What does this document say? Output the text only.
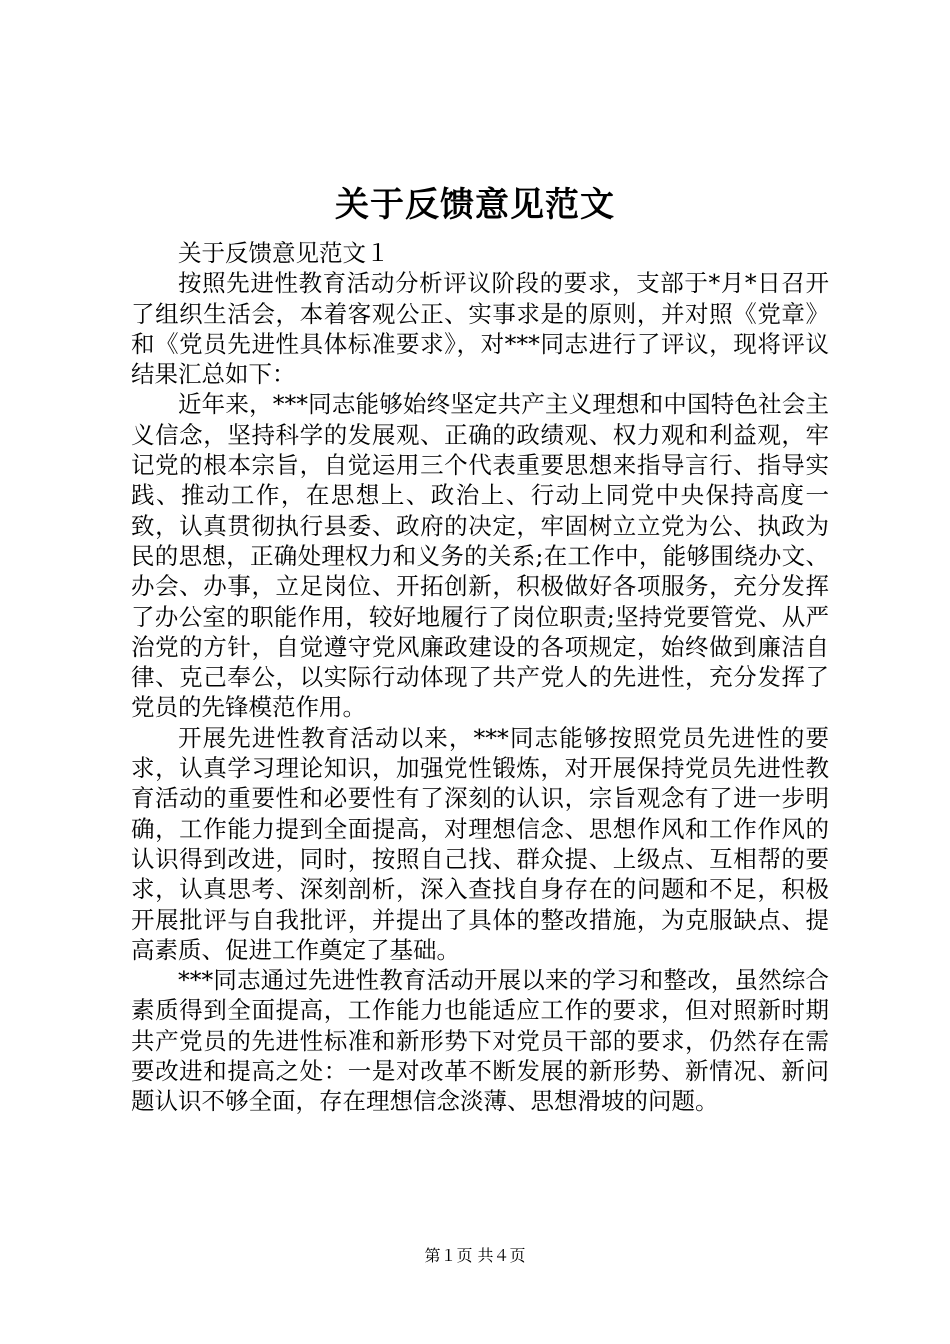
关于反馈意见范文

关于反馈意见范文１

按照先进性教育活动分析评议阶段的要求，支部于*月*日召开了组织生活会，本着客观公正、实事求是的原则，并对照《党章》和《党员先进性具体标准要求》，对***同志进行了评议，现将评议结果汇总如下：

近年来，***同志能够始终坚定共产主义理想和中国特色社会主义信念，坚持科学的发展观、正确的政绩观、权力观和利益观，牢记党的根本宗旨，自觉运用三个代表重要思想来指导言行、指导实践、推动工作，在思想上、政治上、行动上同党中央保持高度一致，认真贯彻执行县委、政府的决定，牢固树立立党为公、执政为民的思想，正确处理权力和义务的关系;在工作中，能够围绕办文、办会、办事，立足岗位、开拓创新，积极做好各项服务，充分发挥了办公室的职能作用，较好地履行了岗位职责;坚持党要管党、从严治党的方针，自觉遵守党风廉政建设的各项规定，始终做到廉洁自律、克己奉公，以实际行动体现了共产党人的先进性，充分发挥了党员的先锋模范作用。

开展先进性教育活动以来，***同志能够按照党员先进性的要求，认真学习理论知识，加强党性锻炼，对开展保持党员先进性教育活动的重要性和必要性有了深刻的认识，宗旨观念有了进一步明确，工作能力提到全面提高，对理想信念、思想作风和工作作风的认识得到改进，同时，按照自己找、群众提、上级点、互相帮的要求，认真思考、深刻剖析，深入查找自身存在的问题和不足，积极开展批评与自我批评，并提出了具体的整改措施，为克服缺点、提高素质、促进工作奠定了基础。

***同志通过先进性教育活动开展以来的学习和整改，虽然综合素质得到全面提高，工作能力也能适应工作的要求，但对照新时期共产党员的先进性标准和新形势下对党员干部的要求，仍然存在需要改进和提高之处：一是对改革不断发展的新形势、新情况、新问题认识不够全面，存在理想信念淡薄、思想滑坡的问题。

第１页 共４页
